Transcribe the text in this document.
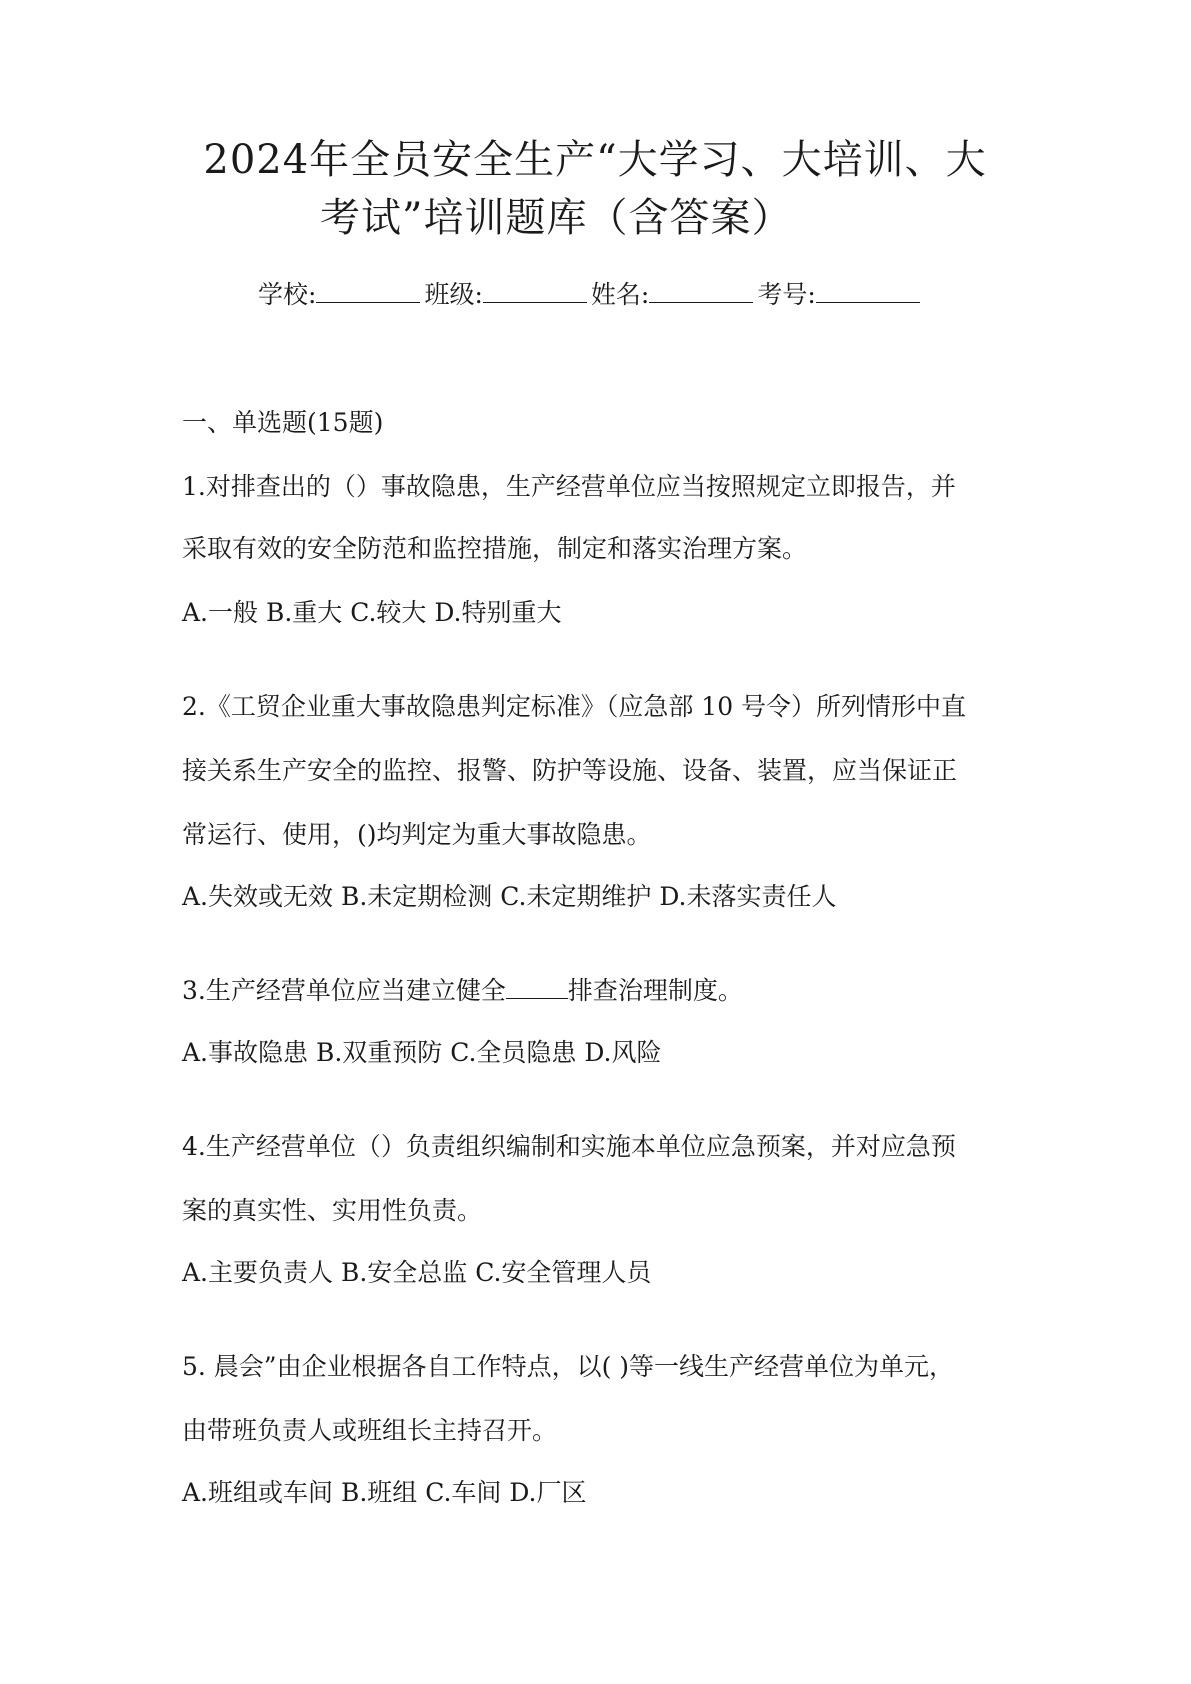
2024年全员安全生产“大学习、大培训、大
考试”培训题库（含答案）
学校:	班级:	姓名:	考号:
一、单选题(15题)
1.对排查出的（）事故隐患，生产经营单位应当按照规定立即报告，并
采取有效的安全防范和监控措施，制定和落实治理方案。
A.一般 B.重大 C.较大 D.特别重大
2.《工贸企业重大事故隐患判定标准》（应急部 10 号令）所列情形中直
接关系生产安全的监控、报警、防护等设施、设备、装置，应当保证正
常运行、使用，()均判定为重大事故隐患。
A.失效或无效 B.未定期检测 C.未定期维护 D.未落实责任人
3.生产经营单位应当建立健全 排查治理制度。
A.事故隐患 B.双重预防 C.全员隐患 D.风险
4.生产经营单位（）负责组织编制和实施本单位应急预案，并对应急预
案的真实性、实用性负责。
A.主要负责人 B.安全总监 C.安全管理人员
5. 晨会”由企业根据各自工作特点，以( )等一线生产经营单位为单元，
由带班负责人或班组长主持召开。
A.班组或车间 B.班组 C.车间 D.厂区
